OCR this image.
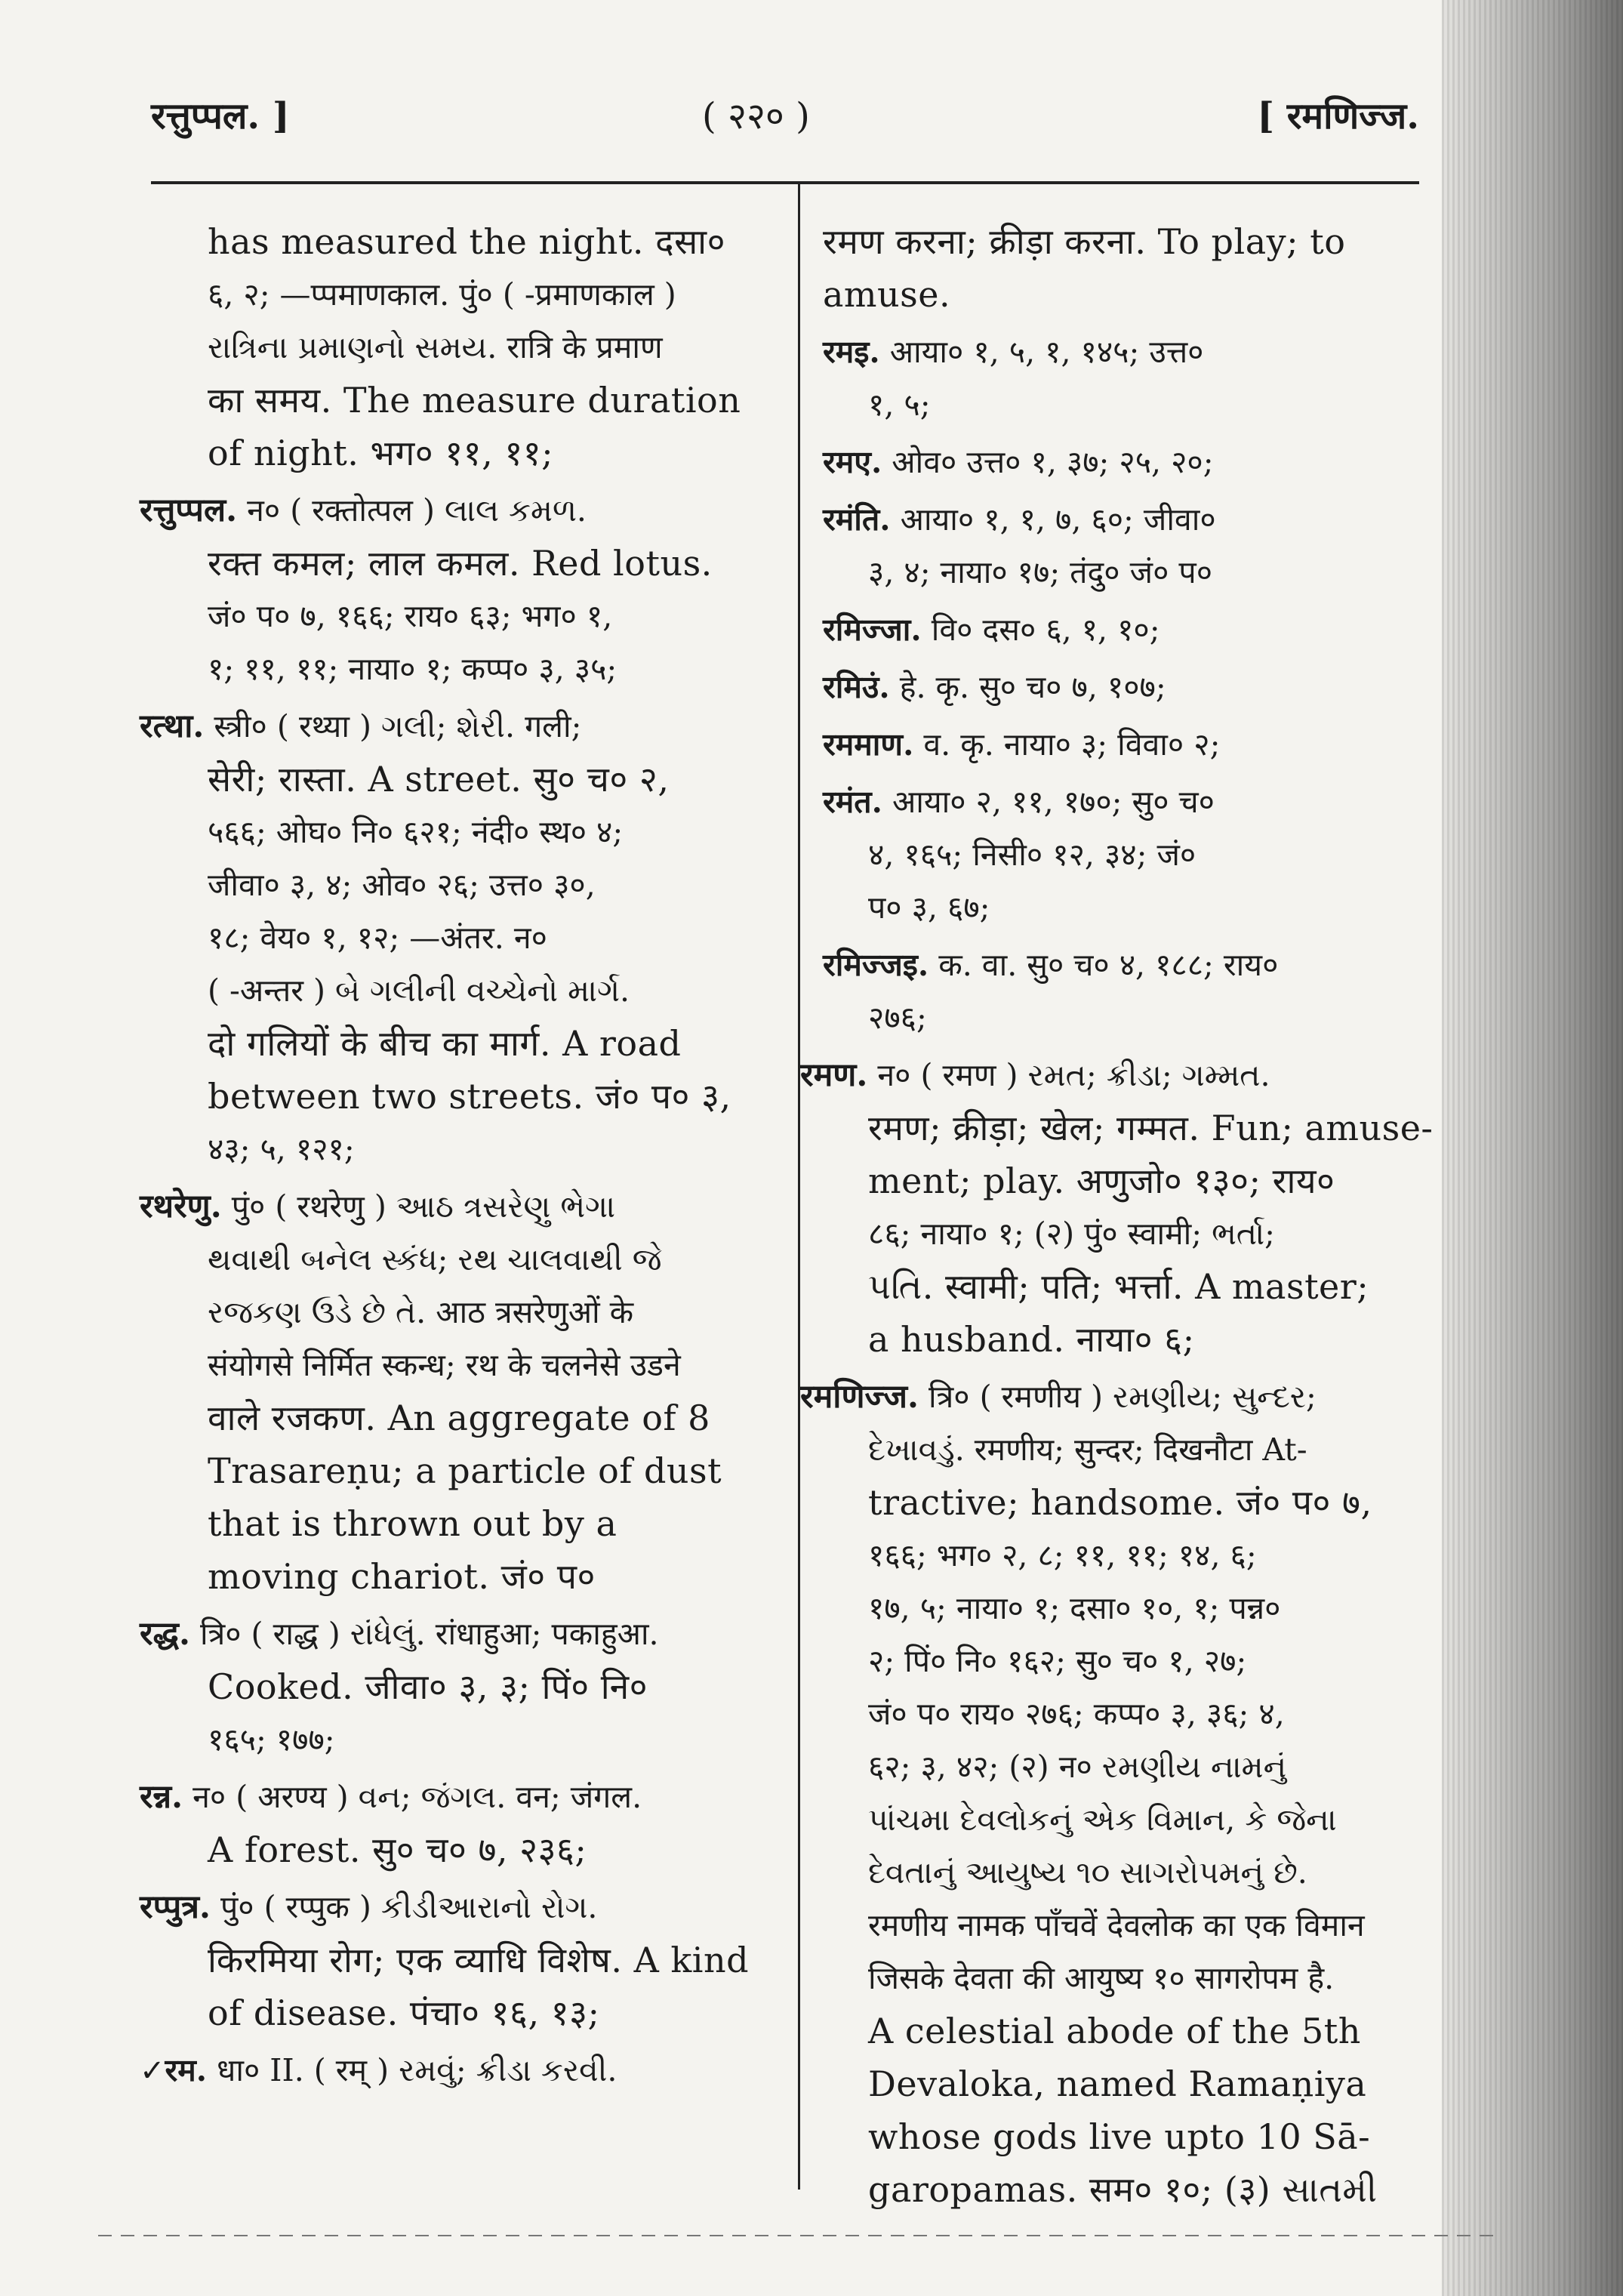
रत्तुप्पल. ]	( २२० )	[ रमणिज्ज.
has measured the night. दसा०
६, २; —प्पमाणकाल. पुं० ( -प्रमाणकाल )
રાત્રિના પ્રમાણનો સમય. रात्रि के प्रमाण
का समय. The measure duration
of night. भग० ११, ११;
रत्तुप्पल. न० ( रक्तोत्पल ) લાલ કમળ.
रक्त कमल; लाल कमल. Red lotus.
जं० प० ७, १६६; राय० ६३; भग० १,
१; ११, ११; नाया० १; कप्प० ३, ३५;
रत्था. स्त्री० ( रथ्या ) ગલી; શેરી. गली;
सेरी; रास्ता. A street. सु० च० २,
५६६; ओघ० नि० ६२१; नंदी० स्थ० ४;
जीवा० ३, ४; ओव० २६; उत्त० ३०,
१८; वेय० १, १२; —अंतर. न०
( -अन्तर ) બે ગલીની વચ્ચેનો માર્ગ.
दो गलियों के बीच का मार्ग. A road
between two streets. जं० प० ३,
४३; ५, १२१;
रथरेणु. पुं० ( रथरेणु ) આઠ ત્રસરેણુ ભેગા
થવાથી બનેલ સ્કંધ; રથ ચાલવાથી જે
રજકણ ઉડે છે તે. आठ त्रसरेणुओं के
संयोगसे निर्मित स्कन्ध; रथ के चलनेसे उडने
वाले रजकण. An aggregate of 8
Trasareṇu; a particle of dust
that is thrown out by a
moving chariot. जं० प०
रद्ध. त्रि० ( राद्ध ) રાંધેલું. रांधाहुआ; पकाहुआ.
Cooked. जीवा० ३, ३; पिं० नि०
१६५; १७७;
रन्न. न० ( अरण्य ) વન; જંગલ. वन; जंगल.
A forest. सु० च० ७, २३६;
रप्पुत्र. पुं० ( रप्पुक ) કીડીઆરાનો રોગ.
किरमिया रोग; एक व्याधि विशेष. A kind
of disease. पंचा० १६, १३;
✓रम. धा० II. ( रम् ) રમવું; ક્રીડા કરવી.
रमण करना; क्रीड़ा करना. To play; to
amuse.
रमइ. आया० १, ५, १, १४५; उत्त०
१, ५;
रमए. ओव० उत्त० १, ३७; २५, २०;
रमंति. आया० १, १, ७, ६०; जीवा०
३, ४; नाया० १७; तंदु० जं० प०
रमिज्जा. वि० दस० ६, १, १०;
रमिउं. हे. कृ. सु० च० ७, १०७;
रममाण. व. कृ. नाया० ३; विवा० २;
रमंत. आया० २, ११, १७०; सु० च०
४, १६५; निसी० १२, ३४; जं०
प० ३, ६७;
रमिज्जइ. क. वा. सु० च० ४, १८८; राय०
२७६;
रमण. न० ( रमण ) રમત; ક્રીડા; ગમ્મત.
रमण; क्रीड़ा; खेल; गम्मत. Fun; amuse-
ment; play. अणुजो० १३०; राय०
८६; नाया० १; (२) पुं० स्वामी; ભર્તા;
પતિ. स्वामी; पति; भर्त्ता. A master;
a husband. नाया० ६;
रमणिज्ज. त्रि० ( रमणीय ) રમણીય; સુન્દર;
દેખાવડું. रमणीय; सुन्दर; दिखनौटा At-
tractive; handsome. जं० प० ७,
१६६; भग० २, ८; ११, ११; १४, ६;
१७, ५; नाया० १; दसा० १०, १; पन्न०
२; पिं० नि० १६२; सु० च० १, २७;
जं० प० राय० २७६; कप्प० ३, ३६; ४,
६२; ३, ४२; (२) न० રમણીય નામનું
પાંચમા દેવલોકનું એક વિમાન, કે જેના
દેવતાનું આયુષ્ય ૧૦ સાગરોપમનું છે.
रमणीय नामक पाँचवें देवलोक का एक विमान
जिसके देवता की आयुष्य १० सागरोपम है.
A celestial abode of the 5th
Devaloka, named Ramaṇiya
whose gods live upto 10 Sā-
garopamas. सम० १०; (३) સાતમી
